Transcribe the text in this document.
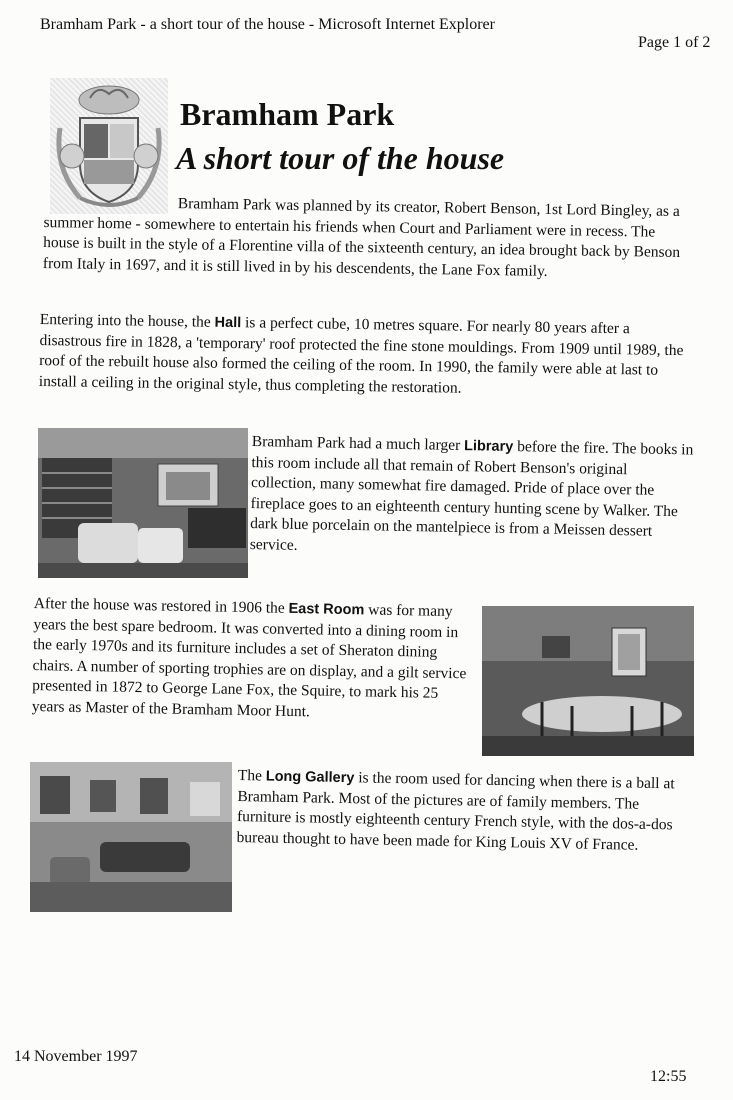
Bramham Park - a short tour of the house - Microsoft Internet Explorer
Page 1 of 2
Bramham Park
A short tour of the house

Bramham Park was planned by its creator, Robert Benson, 1st Lord Bingley, as a summer home - somewhere to entertain his friends when Court and Parliament were in recess. The house is built in the style of a Florentine villa of the sixteenth century, an idea brought back by Benson from Italy in 1697, and it is still lived in by his descendents, the Lane Fox family.

Entering into the house, the Hall is a perfect cube, 10 metres square. For nearly 80 years after a disastrous fire in 1828, a 'temporary' roof protected the fine stone mouldings. From 1909 until 1989, the roof of the rebuilt house also formed the ceiling of the room. In 1990, the family were able at last to install a ceiling in the original style, thus completing the restoration.

Bramham Park had a much larger Library before the fire. The books in this room include all that remain of Robert Benson's original collection, many somewhat fire damaged. Pride of place over the fireplace goes to an eighteenth century hunting scene by Walker. The dark blue porcelain on the mantelpiece is from a Meissen dessert service.

After the house was restored in 1906 the East Room was for many years the best spare bedroom. It was converted into a dining room in the early 1970s and its furniture includes a set of Sheraton dining chairs. A number of sporting trophies are on display, and a gilt service presented in 1872 to George Lane Fox, the Squire, to mark his 25 years as Master of the Bramham Moor Hunt.

The Long Gallery is the room used for dancing when there is a ball at Bramham Park. Most of the pictures are of family members. The furniture is mostly eighteenth century French style, with the dos-a-dos bureau thought to have been made for King Louis XV of France.

14 November 1997
12:55
